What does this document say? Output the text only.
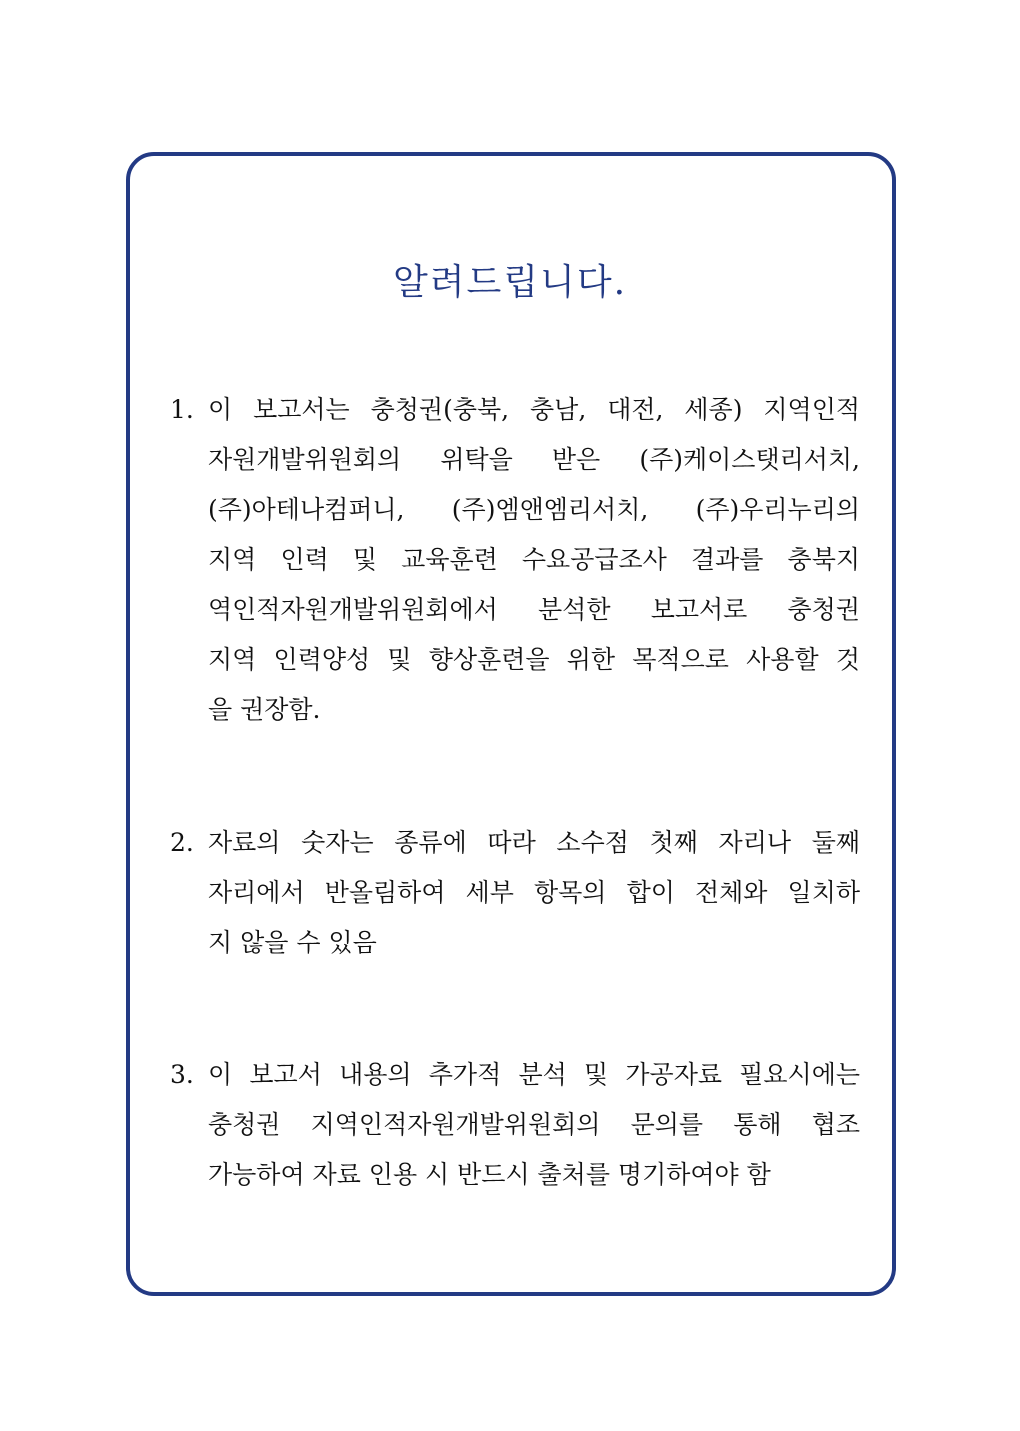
알려드립니다.
1. 이 보고서는 충청권(충북, 충남, 대전, 세종) 지역인적
자원개발위원회의 위탁을 받은 (주)케이스탯리서치,
(주)아테나컴퍼니, (주)엠앤엠리서치, (주)우리누리의
지역 인력 및 교육훈련 수요공급조사 결과를 충북지
역인적자원개발위원회에서 분석한 보고서로 충청권
지역 인력양성 및 향상훈련을 위한 목적으로 사용할 것
을 권장함.
2. 자료의 숫자는 종류에 따라 소수점 첫째 자리나 둘째
자리에서 반올림하여 세부 항목의 합이 전체와 일치하
지 않을 수 있음
3. 이 보고서 내용의 추가적 분석 및 가공자료 필요시에는
충청권 지역인적자원개발위원회의 문의를 통해 협조
가능하여 자료 인용 시 반드시 출처를 명기하여야 함
